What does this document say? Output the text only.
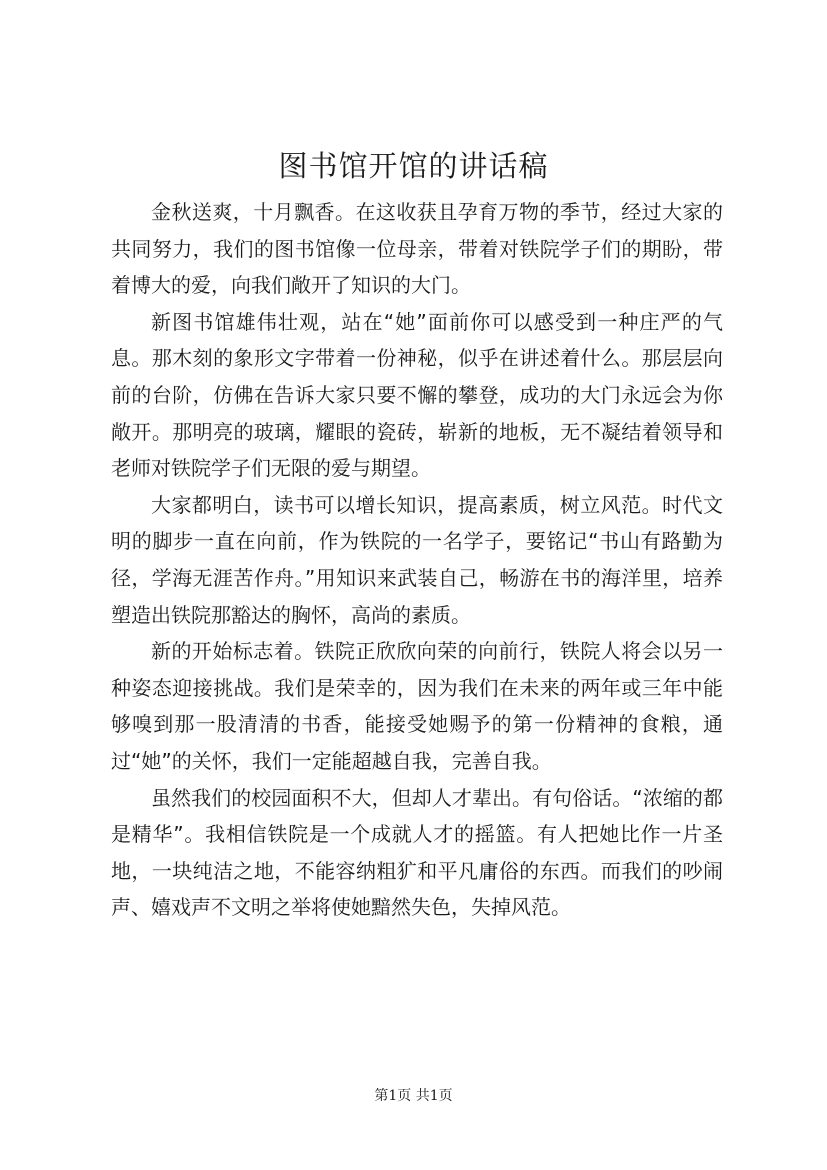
图书馆开馆的讲话稿

金秋送爽，十月飘香。在这收获且孕育万物的季节，经过大家的共同努力，我们的图书馆像一位母亲，带着对铁院学子们的期盼，带着博大的爱，向我们敞开了知识的大门。

新图书馆雄伟壮观，站在“她”面前你可以感受到一种庄严的气息。那木刻的象形文字带着一份神秘，似乎在讲述着什么。那层层向前的台阶，仿佛在告诉大家只要不懈的攀登，成功的大门永远会为你敞开。那明亮的玻璃，耀眼的瓷砖，崭新的地板，无不凝结着领导和老师对铁院学子们无限的爱与期望。

大家都明白，读书可以增长知识，提高素质，树立风范。时代文明的脚步一直在向前，作为铁院的一名学子，要铭记“书山有路勤为径，学海无涯苦作舟。”用知识来武装自己，畅游在书的海洋里，培养塑造出铁院那豁达的胸怀，高尚的素质。

新的开始标志着。铁院正欣欣向荣的向前行，铁院人将会以另一种姿态迎接挑战。我们是荣幸的，因为我们在未来的两年或三年中能够嗅到那一股清清的书香，能接受她赐予的第一份精神的食粮，通过“她”的关怀，我们一定能超越自我，完善自我。

虽然我们的校园面积不大，但却人才辈出。有句俗话。“浓缩的都是精华”。我相信铁院是一个成就人才的摇篮。有人把她比作一片圣地，一块纯洁之地，不能容纳粗犷和平凡庸俗的东西。而我们的吵闹声、嬉戏声不文明之举将使她黯然失色，失掉风范。

第1页 共1页
